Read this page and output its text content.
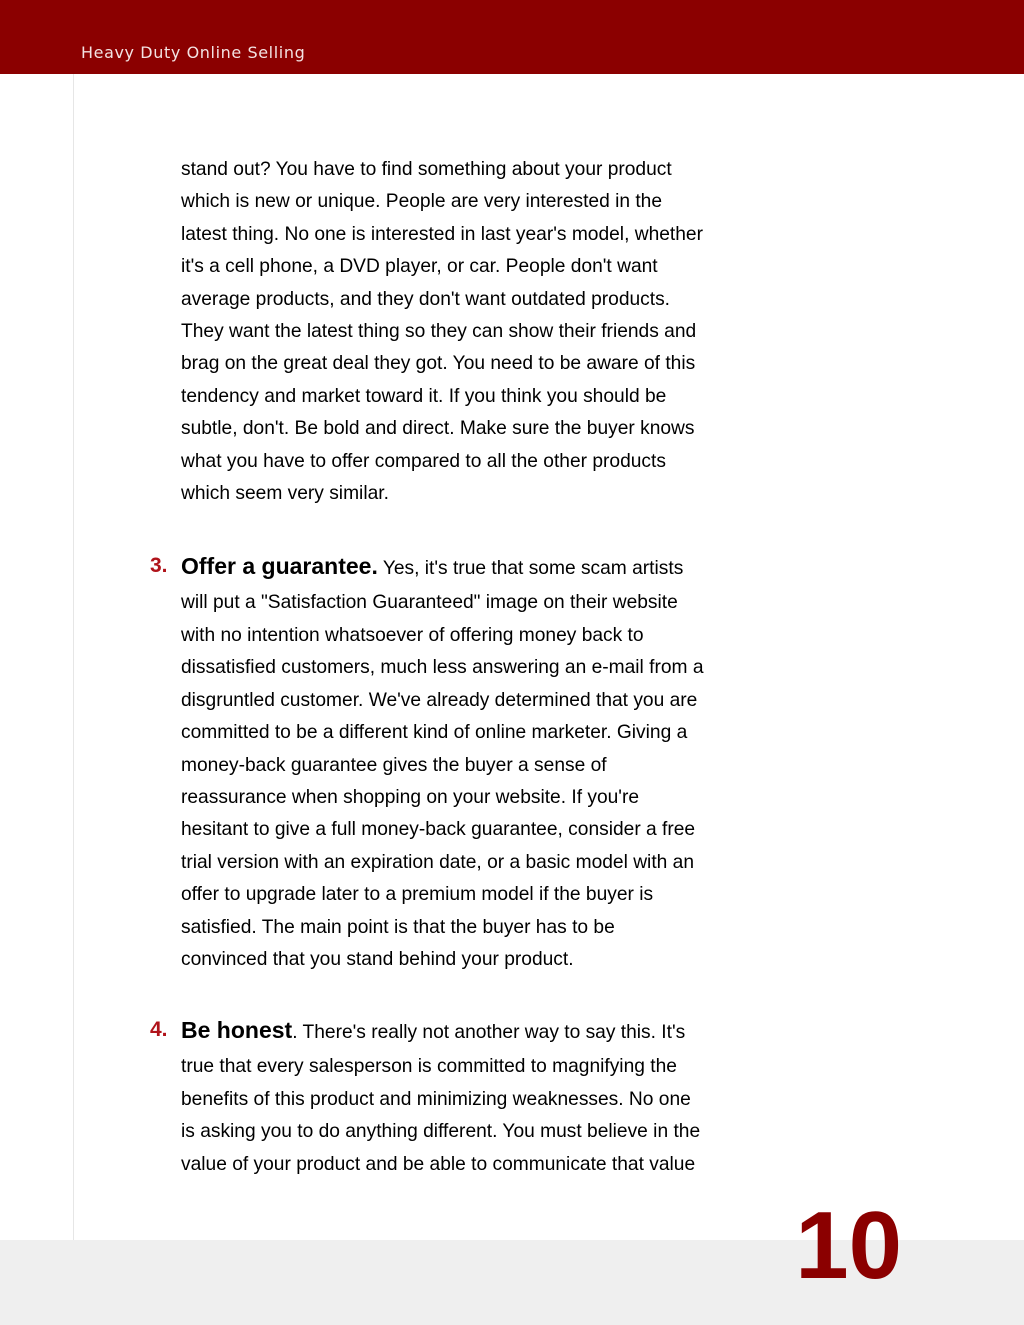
Heavy Duty Online Selling

stand out? You have to find something about your product
which is new or unique. People are very interested in the
latest thing. No one is interested in last year's model, whether
it's a cell phone, a DVD player, or car. People don't want
average products, and they don't want outdated products.
They want the latest thing so they can show their friends and
brag on the great deal they got. You need to be aware of this
tendency and market toward it. If you think you should be
subtle, don't. Be bold and direct. Make sure the buyer knows
what you have to offer compared to all the other products
which seem very similar.

3. Offer a guarantee. Yes, it's true that some scam artists

will put a "Satisfaction Guaranteed" image on their website
with no intention whatsoever of offering money back to
dissatisfied customers, much less answering an e-mail from a
disgruntled customer. We've already determined that you are
committed to be a different kind of online marketer. Giving a
money-back guarantee gives the buyer a sense of
reassurance when shopping on your website. If you're
hesitant to give a full money-back guarantee, consider a free
trial version with an expiration date, or a basic model with an
offer to upgrade later to a premium model if the buyer is
satisfied. The main point is that the buyer has to be
convinced that you stand behind your product.

4. Be honest. There's really not another way to say this. It's

true that every salesperson is committed to magnifying the
benefits of this product and minimizing weaknesses. No one
is asking you to do anything different. You must believe in the
value of your product and be able to communicate that value

10
